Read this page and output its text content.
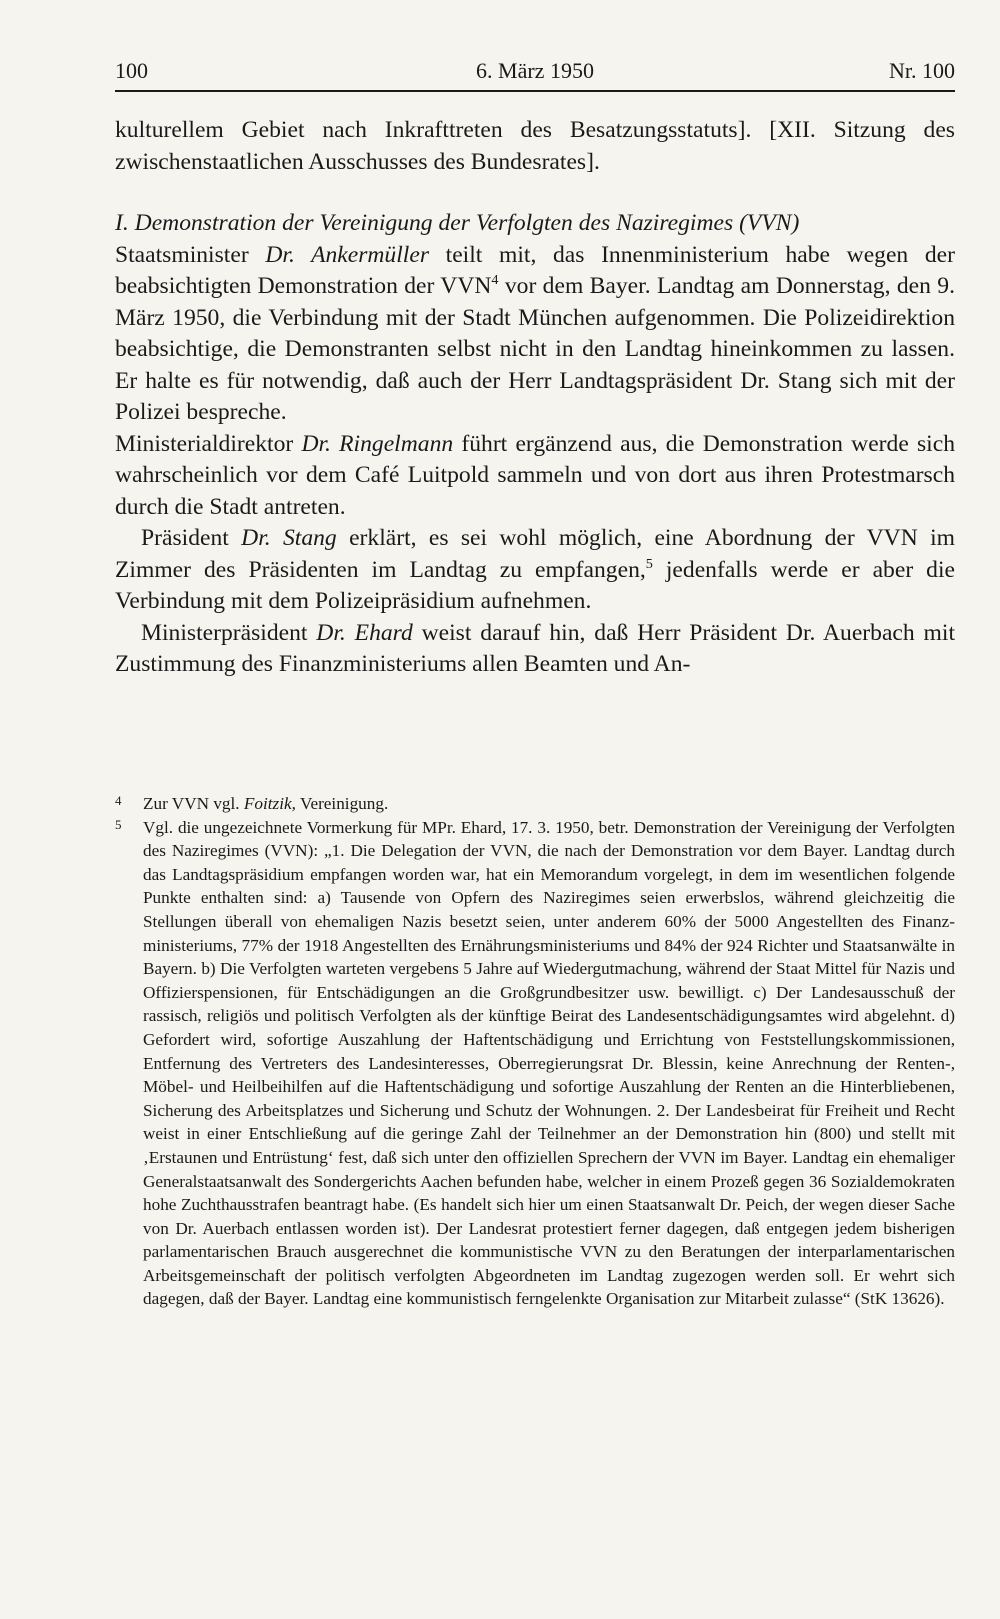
100	6. März 1950	Nr. 100

kulturellem Gebiet nach Inkrafttreten des Besatzungsstatuts]. [XII. Sitzung des zwischenstaatlichen Ausschusses des Bundesrates].

I. Demonstration der Vereinigung der Verfolgten des Naziregimes (VVN)

Staatsminister Dr. Ankermüller teilt mit, das Innenministerium habe wegen der beabsichtigten Demonstration der VVN$^4$ vor dem Bayer. Landtag am Donnerstag, den 9. März 1950, die Verbindung mit der Stadt München aufgenommen. Die Polizeidirektion beabsichtige, die Demonstranten selbst nicht in den Landtag hineinkommen zu lassen. Er halte es für notwendig, daß auch der Herr Landtagspräsident Dr. Stang sich mit der Polizei bespreche.

Ministerialdirektor Dr. Ringelmann führt ergänzend aus, die Demonstration werde sich wahrscheinlich vor dem Café Luitpold sammeln und von dort aus ihren Protestmarsch durch die Stadt antreten.

Präsident Dr. Stang erklärt, es sei wohl möglich, eine Abordnung der VVN im Zimmer des Präsidenten im Landtag zu empfangen,$^5$ jedenfalls werde er aber die Verbindung mit dem Polizeipräsidium aufnehmen.

Ministerpräsident Dr. Ehard weist darauf hin, daß Herr Präsident Dr. Auerbach mit Zustimmung des Finanzministeriums allen Beamten und An-

4 Zur VVN vgl. Foitzik, Vereinigung.

5 Vgl. die ungezeichnete Vormerkung für MPr. Ehard, 17. 3. 1950, betr. Demonstration der Vereinigung der Verfolgten des Naziregimes (VVN): „1. Die Delegation der VVN, die nach der Demonstration vor dem Bayer. Landtag durch das Landtagspräsidium empfangen worden war, hat ein Memorandum vorgelegt, in dem im wesentlichen folgende Punkte enthalten sind: a) Tausende von Opfern des Naziregimes seien erwerbslos, während gleichzeitig die Stellungen überall von ehemaligen Nazis besetzt seien, unter anderem 60% der 5000 Angestellten des Finanzministeriums, 77% der 1918 Angestellten des Ernährungsministeriums und 84% der 924 Richter und Staatsanwälte in Bayern. b) Die Verfolgten warteten vergebens 5 Jahre auf Wiedergutmachung, während der Staat Mittel für Nazis und Offizierspensionen, für Entschädigungen an die Großgrundbesitzer usw. bewilligt. c) Der Landesausschuß der rassisch, religiös und politisch Verfolgten als der künftige Beirat des Landesentschädigungsamtes wird abgelehnt. d) Gefordert wird, sofortige Auszahlung der Haftentschädigung und Errichtung von Feststellungskommissionen, Entfernung des Vertreters des Landesinteresses, Oberregierungsrat Dr. Blessin, keine Anrechnung der Renten-, Möbel- und Heilbeihilfen auf die Haftentschädigung und sofortige Auszahlung der Renten an die Hinterbliebenen, Sicherung des Arbeitsplatzes und Sicherung und Schutz der Wohnungen. 2. Der Landesbeirat für Freiheit und Recht weist in einer Entschließung auf die geringe Zahl der Teilnehmer an der Demonstration hin (800) und stellt mit ‚Erstaunen und Entrüstung‘ fest, daß sich unter den offiziellen Sprechern der VVN im Bayer. Landtag ein ehemaliger Generalstaatsanwalt des Sondergerichts Aachen befunden habe, welcher in einem Prozeß gegen 36 Sozialdemokraten hohe Zuchthausstrafen beantragt habe. (Es handelt sich hier um einen Staatsanwalt Dr. Peich, der wegen dieser Sache von Dr. Auerbach entlassen worden ist). Der Landesrat protestiert ferner dagegen, daß entgegen jedem bisherigen parlamentarischen Brauch ausgerechnet die kommunistische VVN zu den Beratungen der interparlamentarischen Arbeitsgemeinschaft der politisch verfolgten Abgeordneten im Landtag zugezogen werden soll. Er wehrt sich dagegen, daß der Bayer. Landtag eine kommunistisch ferngelenkte Organisation zur Mitarbeit zulasse“ (StK 13626).
